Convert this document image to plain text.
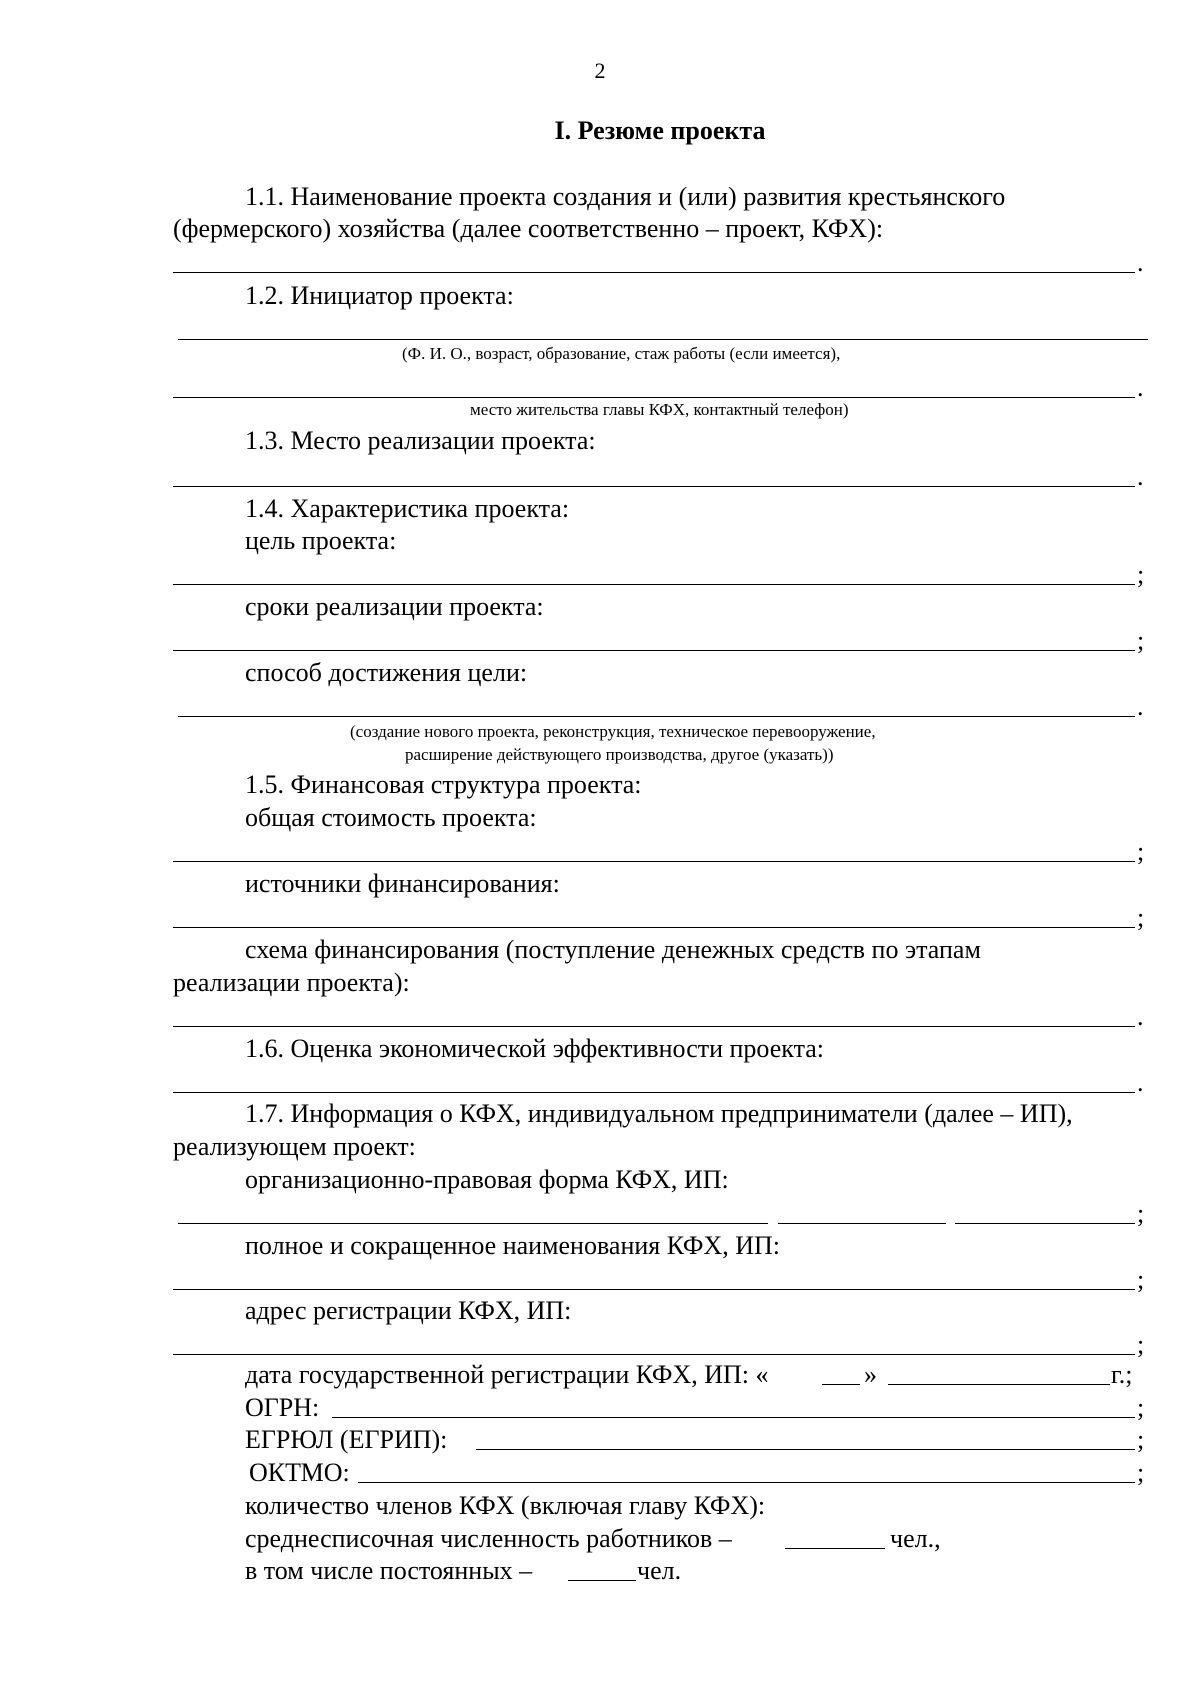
2
I. Резюме проекта
1.1. Наименование проекта создания и (или) развития крестьянского
(фермерского) хозяйства (далее соответственно – проект, КФХ):
.
1.2. Инициатор проекта:
(Ф. И. О., возраст, образование, стаж работы (если имеется),
.
место жительства главы КФХ, контактный телефон)
1.3. Место реализации проекта:
.
1.4. Характеристика проекта:
цель проекта:
;
сроки реализации проекта:
;
способ достижения цели:
.
(создание нового проекта, реконструкция, техническое перевооружение,
расширение действующего производства, другое (указать))
1.5. Финансовая структура проекта:
общая стоимость проекта:
;
источники финансирования:
;
схема финансирования (поступление денежных средств по этапам
реализации проекта):
.
1.6. Оценка экономической эффективности проекта:
.
1.7. Информация о КФХ, индивидуальном предприниматели (далее – ИП),
реализующем проект:
организационно-правовая форма КФХ, ИП:
;
полное и сокращенное наименования КФХ, ИП:
;
адрес регистрации КФХ, ИП:
;
дата государственной регистрации КФХ, ИП: «	»	г.;
ОГРН:	;
ЕГРЮЛ (ЕГРИП):	;
ОКТМО:	;
количество членов КФХ (включая главу КФХ):
среднесписочная численность работников –	чел.,
в том числе постоянных –	чел.
